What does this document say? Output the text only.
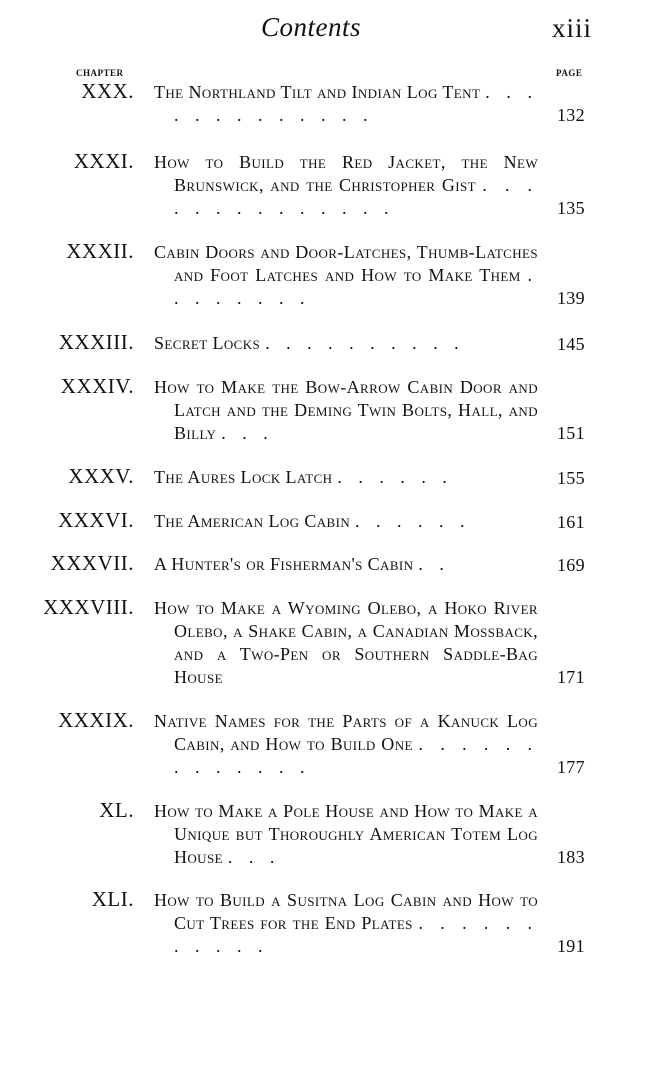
Contents	xiii
CHAPTER	PAGE
XXX. The Northland Tilt and Indian Log Tent . . . . . . . . . . . . .	132
XXXI. How to Build the Red Jacket, the New Brunswick, and the Christopher Gist . . . . . . . . . . . . . .	135
XXXII. Cabin Doors and Door-Latches, Thumb-Latches and Foot Latches and How to Make Them . . . . . . . .	139
XXXIII. Secret Locks . . . . . . . . . .	145
XXXIV. How to Make the Bow-Arrow Cabin Door and Latch and the Deming Twin Bolts, Hall, and Billy . . .	151
XXXV. The Aures Lock Latch . . . . . .	155
XXXVI. The American Log Cabin . . . . . .	161
XXXVII. A Hunter's or Fisherman's Cabin . .	169
XXXVIII. How to Make a Wyoming Olebo, a Hoko River Olebo, a Shake Cabin, a Canadian Mossback, and a Two-Pen or Southern Saddle-Bag House	171
XXXIX. Native Names for the Parts of a Kanuck Log Cabin, and How to Build One . . . . . . . . . . . . .	177
XL. How to Make a Pole House and How to Make a Unique but Thoroughly American Totem Log House . . .	183
XLI. How to Build a Susitna Log Cabin and How to Cut Trees for the End Plates . . . . . . . . . . .	191
